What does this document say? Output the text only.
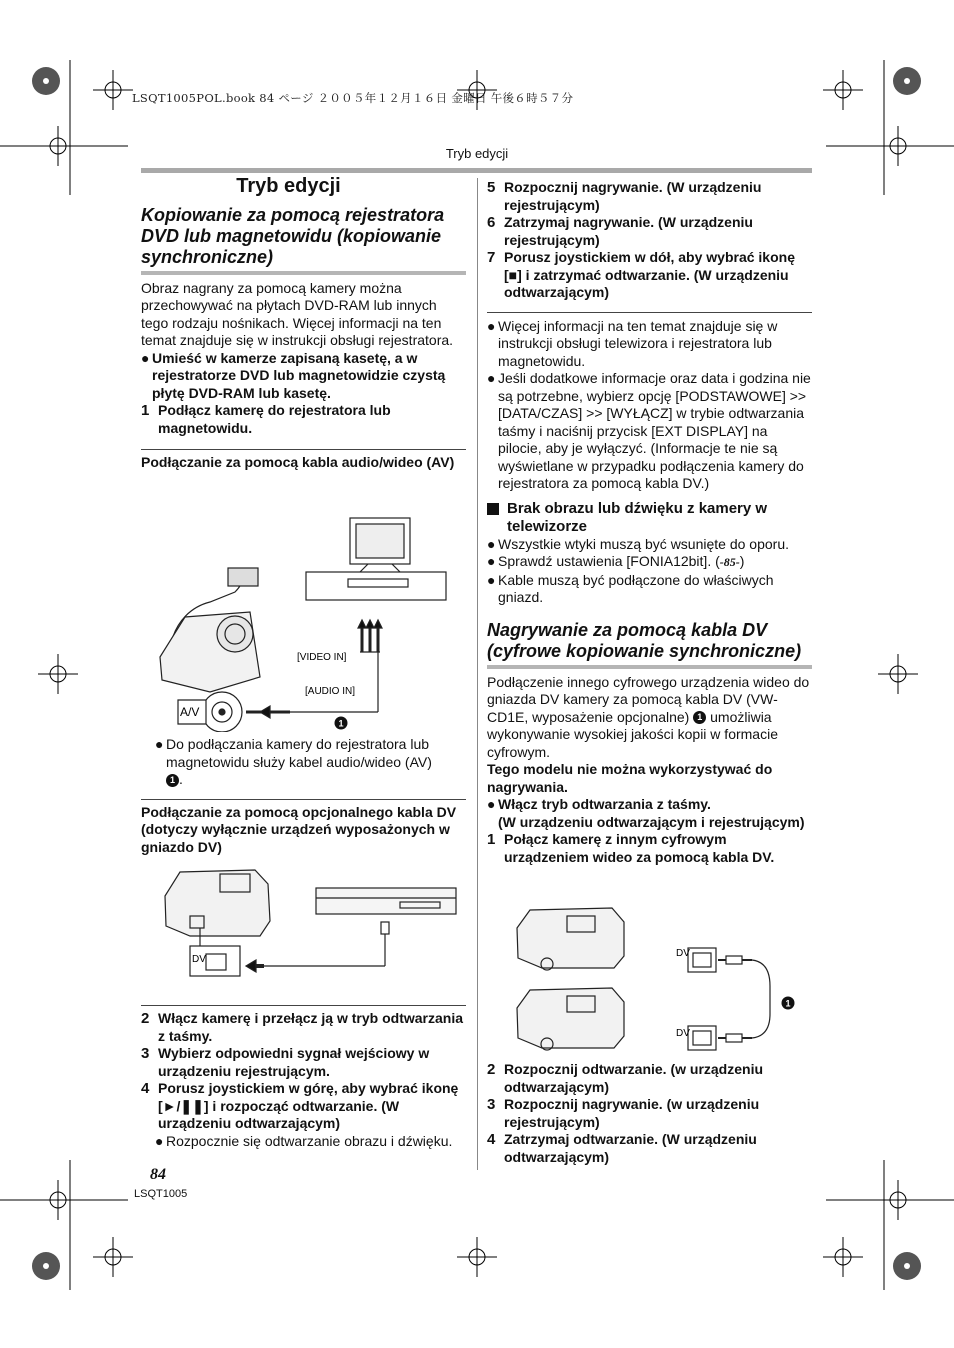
LSQT1005POL.book 84 ページ ２００５年１２月１６日 金曜日 午後６時５７分
Tryb edycji
Tryb edycji
Kopiowanie za pomocą rejestratora DVD lub magnetowidu (kopiowanie synchroniczne)

Obraz nagrany za pomocą kamery można przechowywać na płytach DVD-RAM lub innych tego rodzaju nośnikach. Więcej informacji na ten temat znajduje się w instrukcji obsługi rejestratora.

● Umieść w kamerze zapisaną kasetę, a w rejestratorze DVD lub magnetowidzie czystą płytę DVD-RAM lub kasetę.
1 Podłącz kamerę do rejestratora lub magnetowidu.

Podłączanie za pomocą kabla audio/wideo (AV)

[VIDEO IN]
[AUDIO IN]
A/V
1
● Do podłączania kamery do rejestratora lub magnetowidu służy kabel audio/wideo (AV)
1 .

Podłączanie za pomocą opcjonalnego kabla DV (dotyczy wyłącznie urządzeń wyposażonych w gniazdo DV)

DV
2 Włącz kamerę i przełącz ją w tryb odtwarzania z taśmy.
3 Wybierz odpowiedni sygnał wejściowy w urządzeniu rejestrującym.
4 Porusz joystickiem w górę, aby wybrać ikonę [►/❚❚] i rozpocząć odtwarzanie. (W urządzeniu odtwarzającym)
● Rozpocznie się odtwarzanie obrazu i dźwięku.
84
LSQT1005
5 Rozpocznij nagrywanie. (W urządzeniu rejestrującym)
6 Zatrzymaj nagrywanie. (W urządzeniu rejestrującym)
7 Porusz joystickiem w dół, aby wybrać ikonę [■] i zatrzymać odtwarzanie. (W urządzeniu odtwarzającym)
● Więcej informacji na ten temat znajduje się w instrukcji obsługi telewizora i rejestratora lub magnetowidu.
● Jeśli dodatkowe informacje oraz data i godzina nie są potrzebne, wybierz opcję [PODSTAWOWE] >> [DATA/CZAS] >> [WYŁĄCZ] w trybie odtwarzania taśmy i naciśnij przycisk [EXT DISPLAY] na pilocie, aby je wyłączyć. (Informacje te nie są wyświetlane w przypadku podłączenia kamery do rejestratora za pomocą kabla DV.)
Brak obrazu lub dźwięku z kamery w telewizorze
● Wszystkie wtyki muszą być wsunięte do oporu.
● Sprawdź ustawienia [FONIA12bit]. (-85-)
● Kable muszą być podłączone do właściwych gniazd.
Nagrywanie za pomocą kabla DV (cyfrowe kopiowanie synchroniczne)

Podłączenie innego cyfrowego urządzenia wideo do gniazda DV kamery za pomocą kabla DV (VW-CD1E, wyposażenie opcjonalne) 1 umożliwia wykonywanie wysokiej jakości kopii w formacie cyfrowym.

Tego modelu nie można wykorzystywać do nagrywania.

● Włącz tryb odtwarzania z taśmy.

(W urządzeniu odtwarzającym i rejestrującym)

1 Połącz kamerę z innym cyfrowym urządzeniem wideo za pomocą kabla DV.
DV
DV
1
2 Rozpocznij odtwarzanie. (w urządzeniu odtwarzającym)
3 Rozpocznij nagrywanie. (w urządzeniu rejestrującym)
4 Zatrzymaj odtwarzanie. (W urządzeniu odtwarzającym)
